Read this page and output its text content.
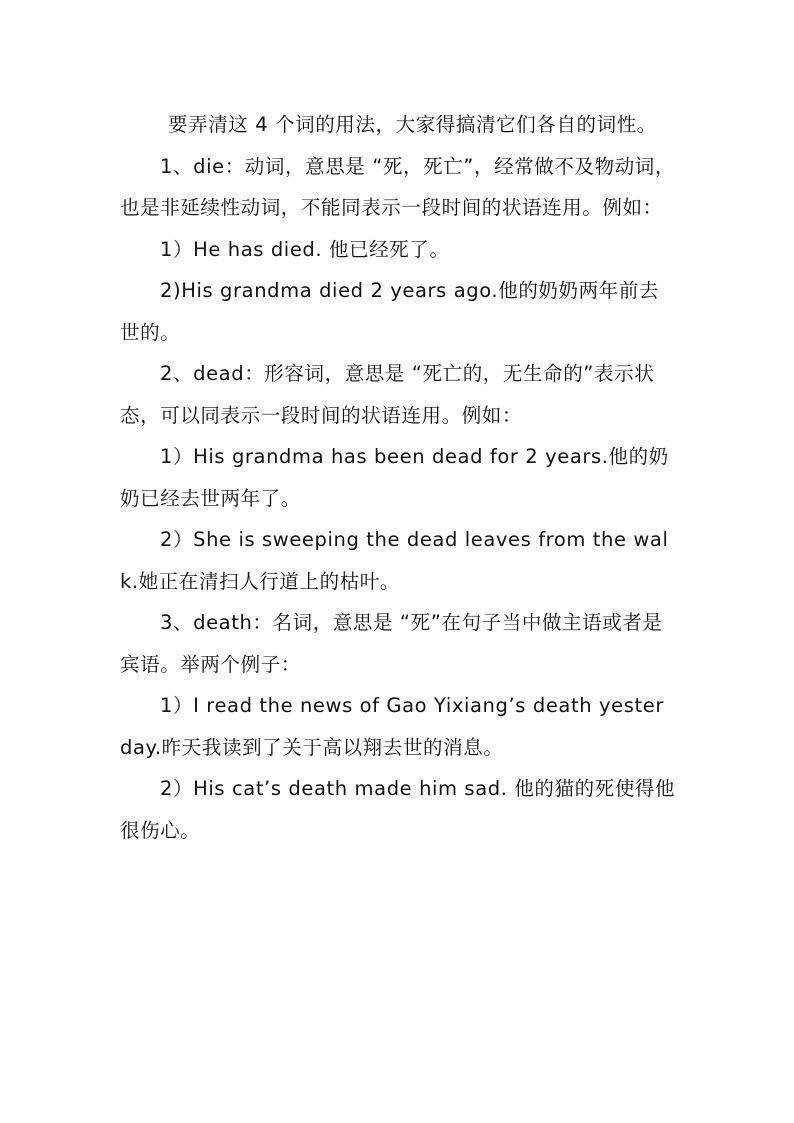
要弄清这 4 个词的用法，大家得搞清它们各自的词性。

1、die：动词，意思是 “死，死亡”，经常做不及物动词，也是非延续性动词，不能同表示一段时间的状语连用。例如：

1）He has died. 他已经死了。

2)His grandma died 2 years ago.他的奶奶两年前去世的。

2、dead：形容词，意思是 “死亡的，无生命的”表示状态，可以同表示一段时间的状语连用。例如：

1）His grandma has been dead for 2 years.他的奶奶已经去世两年了。

2）She is sweeping the dead leaves from the walk.她正在清扫人行道上的枯叶。

3、death：名词，意思是 “死”在句子当中做主语或者是宾语。举两个例子：

1）I read the news of Gao Yixiang’s death yesterday.昨天我读到了关于高以翔去世的消息。

2）His cat’s death made him sad. 他的猫的死使得他很伤心。
